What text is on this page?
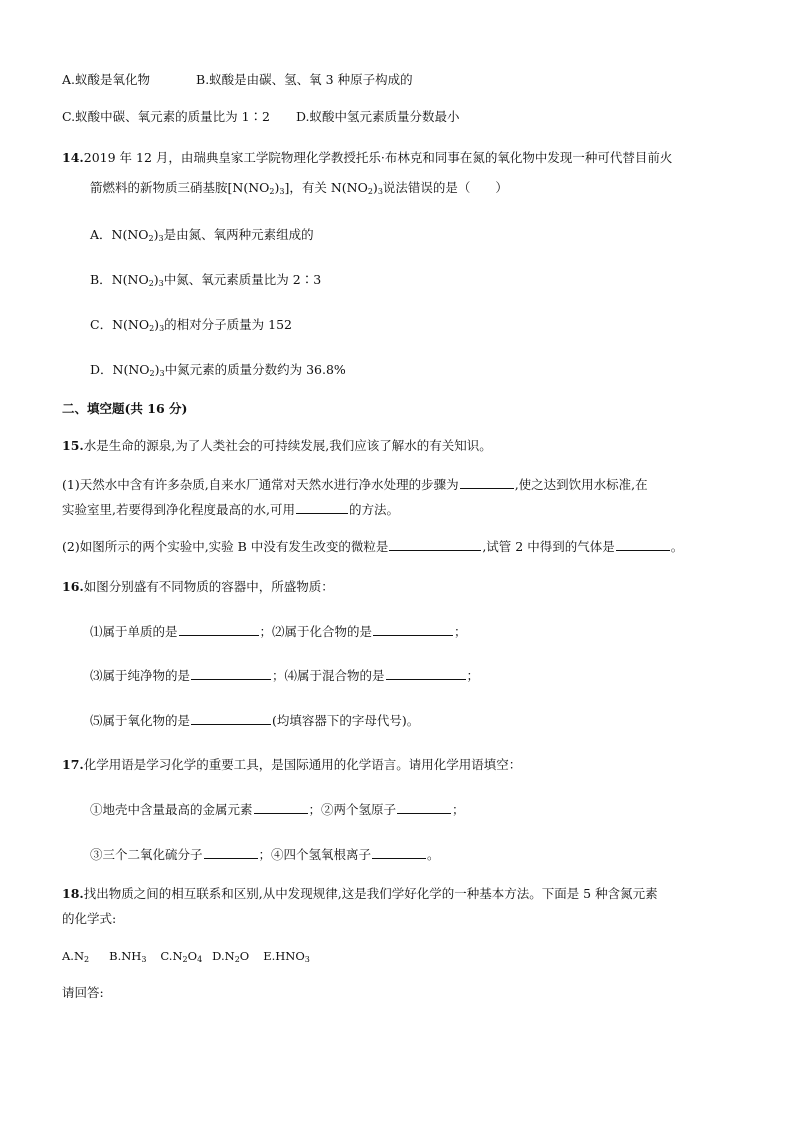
A.蚁酸是氧化物	B.蚁酸是由碳、氢、氧 3 种原子构成的
C.蚁酸中碳、氧元素的质量比为 1∶2 D.蚁酸中氢元素质量分数最小
14.2019 年 12 月，由瑞典皇家工学院物理化学教授托乐·布林克和同事在氮的氧化物中发现一种可代替目前火
箭燃料的新物质三硝基胺$[N(NO_2)_3]$，有关 $N(NO_2)_3$说法错误的是（　　）
A．$N(NO_2)_3$是由氮、氧两种元素组成的
B．$N(NO_2)_3$中氮、氧元素质量比为 2∶3
C．$N(NO_2)_3$的相对分子质量为 152
D．$N(NO_2)_3$中氮元素的质量分数约为 36.8%
二、填空题(共 16 分)
15.水是生命的源泉,为了人类社会的可持续发展,我们应该了解水的有关知识。
(1)天然水中含有许多杂质,自来水厂通常对天然水进行净水处理的步骤为	,使之达到饮用水标准,在
实验室里,若要得到净化程度最高的水,可用	的方法。
(2)如图所示的两个实验中,实验 B 中没有发生改变的微粒是	,试管 2 中得到的气体是	。
16.如图分别盛有不同物质的容器中，所盛物质：
⑴属于单质的是	；⑵属于化合物的是	；
⑶属于纯净物的是	；⑷属于混合物的是	；
⑸属于氧化物的是	(均填容器下的字母代号)。
17.化学用语是学习化学的重要工具，是国际通用的化学语言。请用化学用语填空：
①地壳中含量最高的金属元素	；②两个氢原子	；
③三个二氧化硫分子	；④四个氢氧根离子	。
18.找出物质之间的相互联系和区别,从中发现规律,这是我们学好化学的一种基本方法。下面是 5 种含氮元素
的化学式:
$A.N_2$ $B.NH_3$ $C.N_2O_4$ $D.N_2O$ $E.HNO_3$
请回答:
